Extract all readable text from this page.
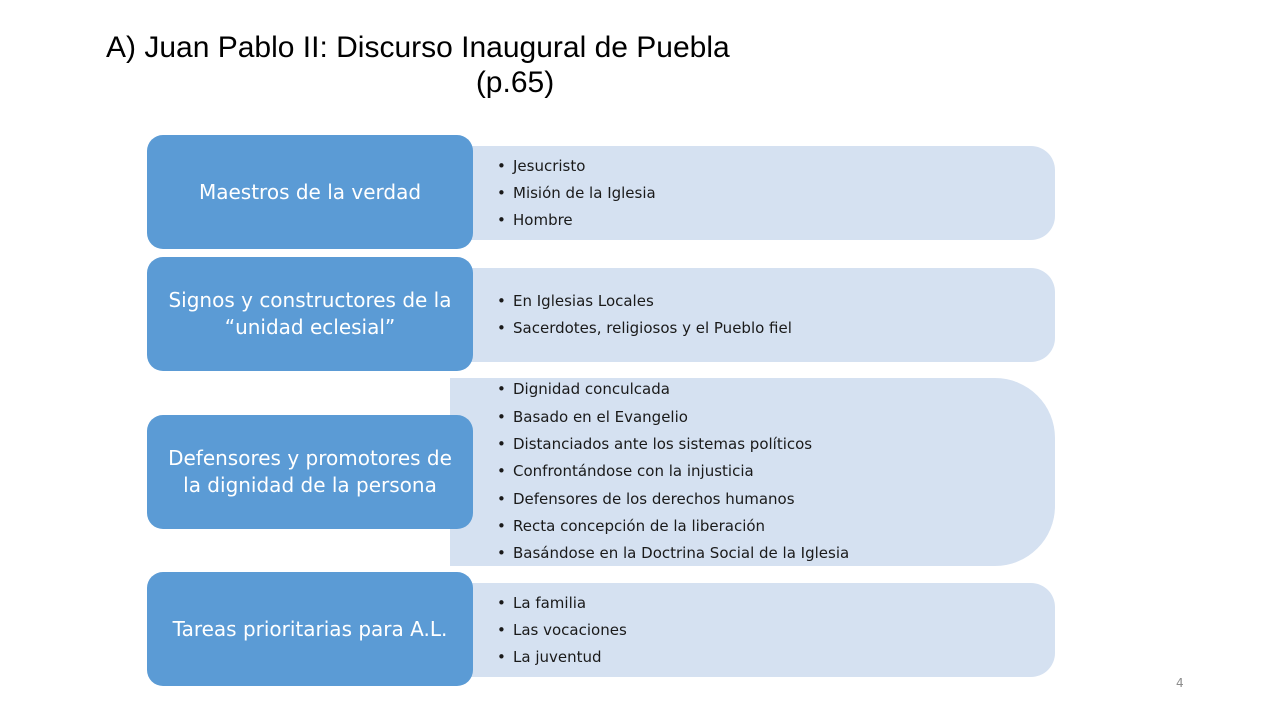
A) Juan Pablo II: Discurso Inaugural de Puebla
(p.65)
• Jesucristo
• Misión de la Iglesia
• Hombre
Maestros de la verdad
• En Iglesias Locales
• Sacerdotes, religiosos y el Pueblo fiel
Signos y constructores de la “unidad eclesial”
• Dignidad conculcada
• Basado en el Evangelio
• Distanciados ante los sistemas políticos
• Confrontándose con la injusticia
• Defensores de los derechos humanos
• Recta concepción de la liberación
• Basándose en la Doctrina Social de la Iglesia
Defensores y promotores de la dignidad de la persona
• La familia
• Las vocaciones
• La juventud
Tareas prioritarias para A.L.
4
